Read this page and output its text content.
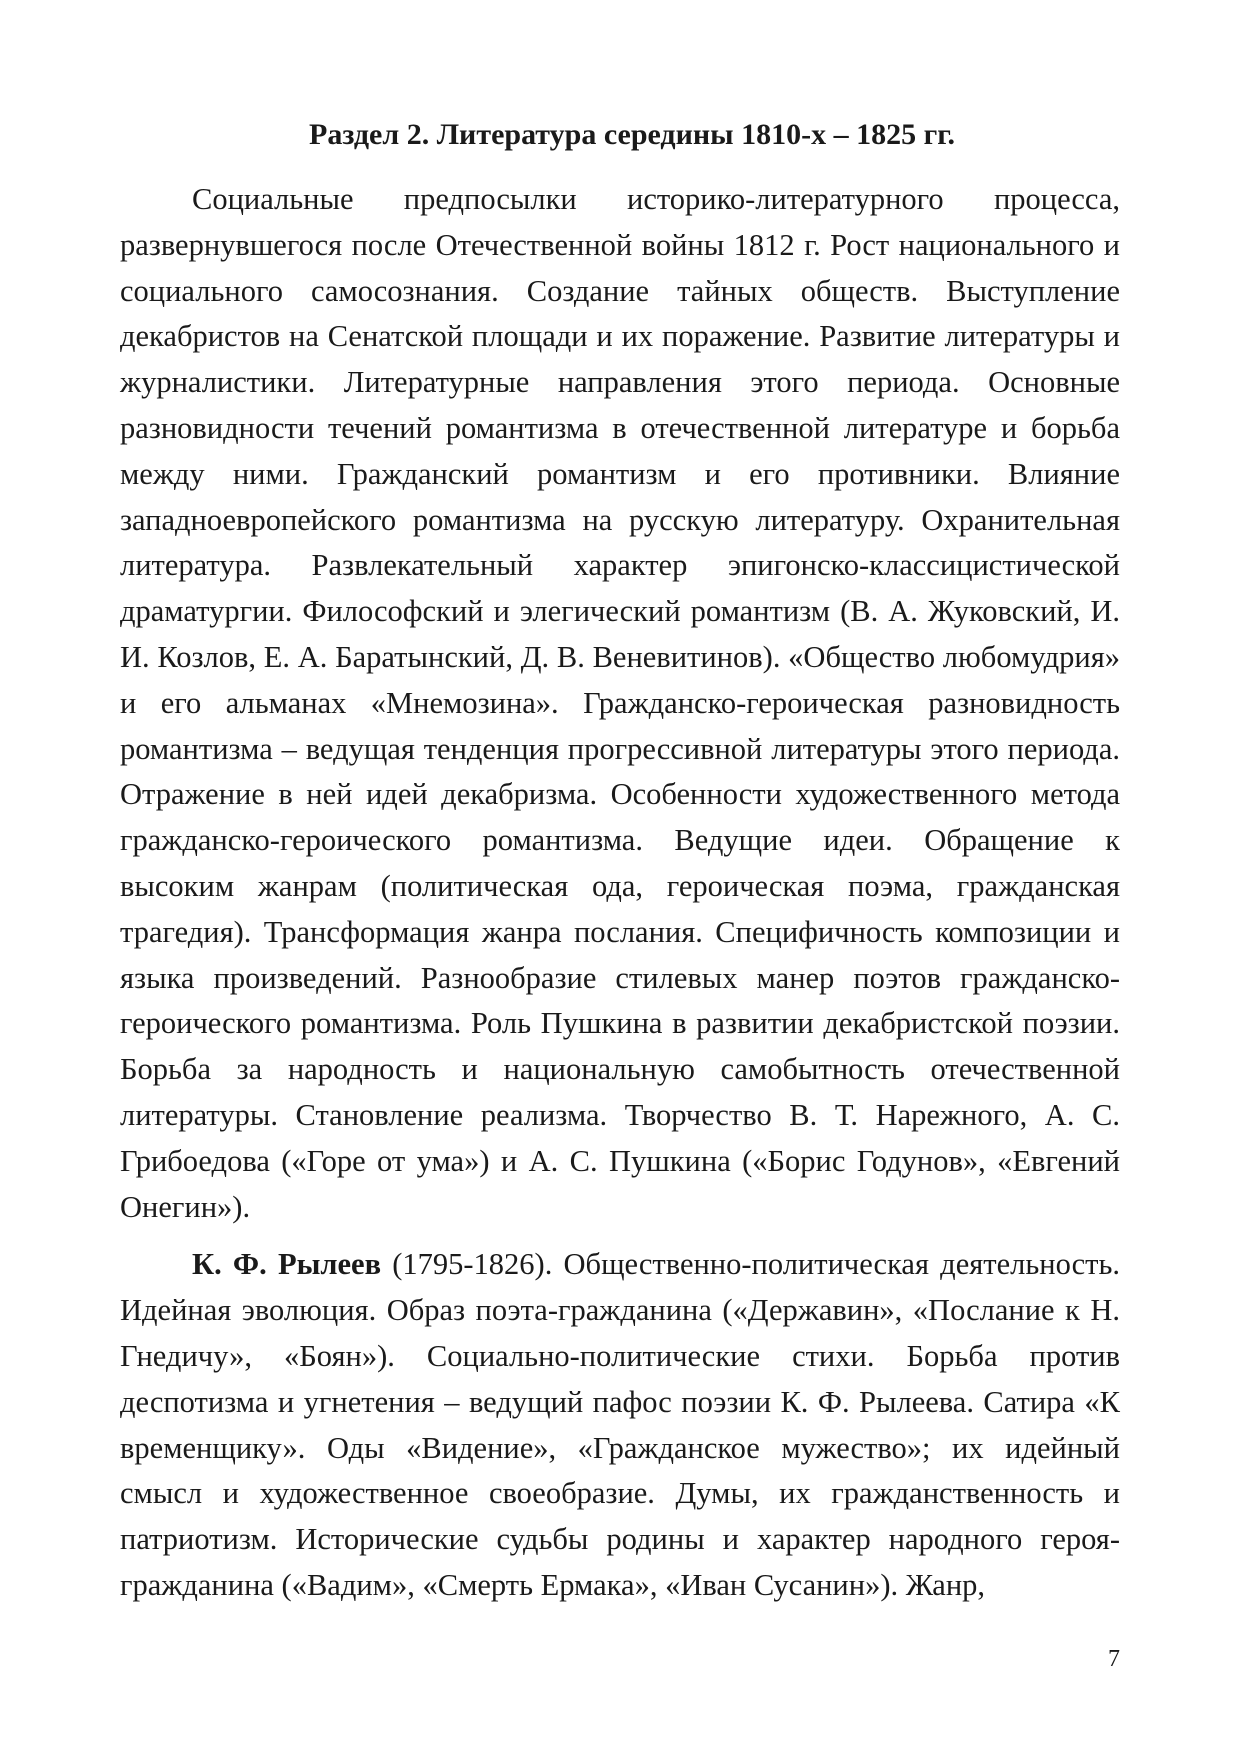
Раздел 2. Литература середины 1810-х – 1825 гг.

Социальные предпосылки историко-литературного процесса, развернувшегося после Отечественной войны 1812 г. Рост национального и социального самосознания. Создание тайных обществ. Выступление декабристов на Сенатской площади и их поражение. Развитие литературы и журналистики. Литературные направления этого периода. Основные разновидности течений романтизма в отечественной литературе и борьба между ними. Гражданский романтизм и его противники. Влияние западноевропейского романтизма на русскую литературу. Охранительная литература. Развлекательный характер эпигонско-классицистической драматургии. Философский и элегический романтизм (В. А. Жуковский, И. И. Козлов, Е. А. Баратынский, Д. В. Веневитинов). «Общество любомудрия» и его альманах «Мнемозина». Гражданско-героическая разновидность романтизма – ведущая тенденция прогрессивной литературы этого периода. Отражение в ней идей декабризма. Особенности художественного метода гражданско-героического романтизма. Ведущие идеи. Обращение к высоким жанрам (политическая ода, героическая поэма, гражданская трагедия). Трансформация жанра послания. Специфичность композиции и языка произведений. Разнообразие стилевых манер поэтов гражданско-героического романтизма. Роль Пушкина в развитии декабристской поэзии. Борьба за народность и национальную самобытность отечественной литературы. Становление реализма. Творчество В. Т. Нарежного, А. С. Грибоедова («Горе от ума») и А. С. Пушкина («Борис Годунов», «Евгений Онегин»).

К. Ф. Рылеев (1795-1826). Общественно-политическая деятельность. Идейная эволюция. Образ поэта-гражданина («Державин», «Послание к Н. Гнедичу», «Боян»). Социально-политические стихи. Борьба против деспотизма и угнетения – ведущий пафос поэзии К. Ф. Рылеева. Сатира «К временщику». Оды «Видение», «Гражданское мужество»; их идейный смысл и художественное своеобразие. Думы, их гражданственность и патриотизм. Исторические судьбы родины и характер народного героя-гражданина («Вадим», «Смерть Ермака», «Иван Сусанин»). Жанр,

7
